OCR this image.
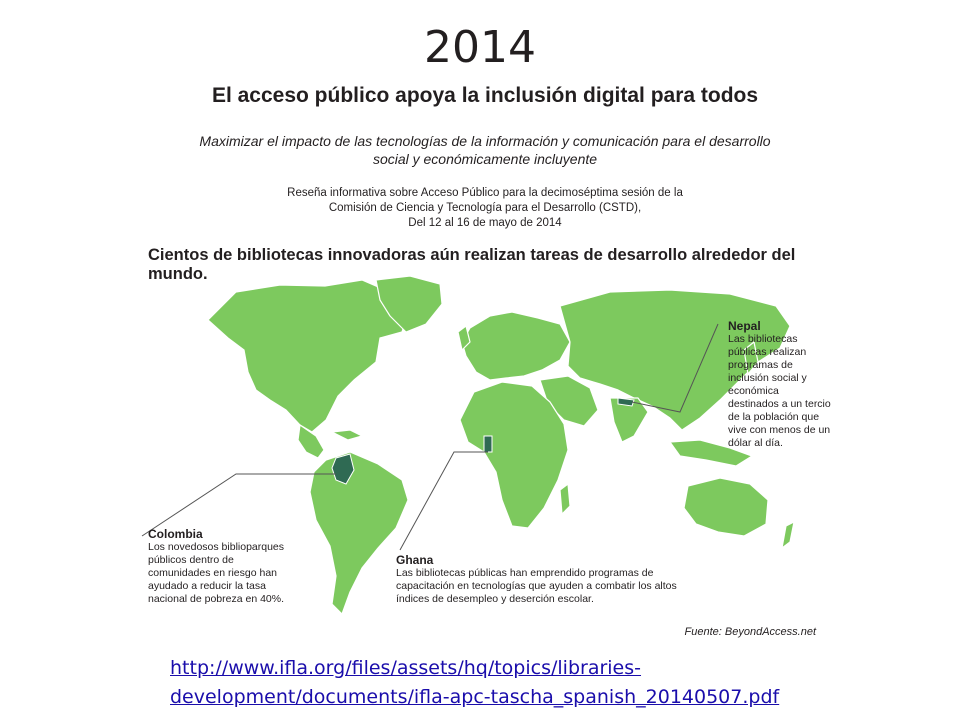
2014
El acceso público apoya la inclusión digital para todos
Maximizar el impacto de las tecnologías de la información y comunicación para el desarrollo
social y económicamente incluyente
Reseña informativa sobre Acceso Público para la decimoséptima sesión de la
Comisión de Ciencia y Tecnología para el Desarrollo (CSTD),
Del 12 al 16 de mayo de 2014
Cientos de bibliotecas innovadoras aún realizan tareas de desarrollo alrededor del mundo.
Nepal
Las bibliotecas públicas realizan programas de inclusión social y económica destinados a un tercio de la población que vive con menos de un dólar al día.
Colombia
Los novedosos biblioparques públicos dentro de comunidades en riesgo han ayudado a reducir la tasa nacional de pobreza en 40%.
Ghana
Las bibliotecas públicas han emprendido programas de capacitación en tecnologías que ayuden a combatir los altos índices de desempleo y deserción escolar.
Fuente: BeyondAccess.net
http://www.ifla.org/files/assets/hq/topics/libraries-
development/documents/ifla-apc-tascha_spanish_20140507.pdf
